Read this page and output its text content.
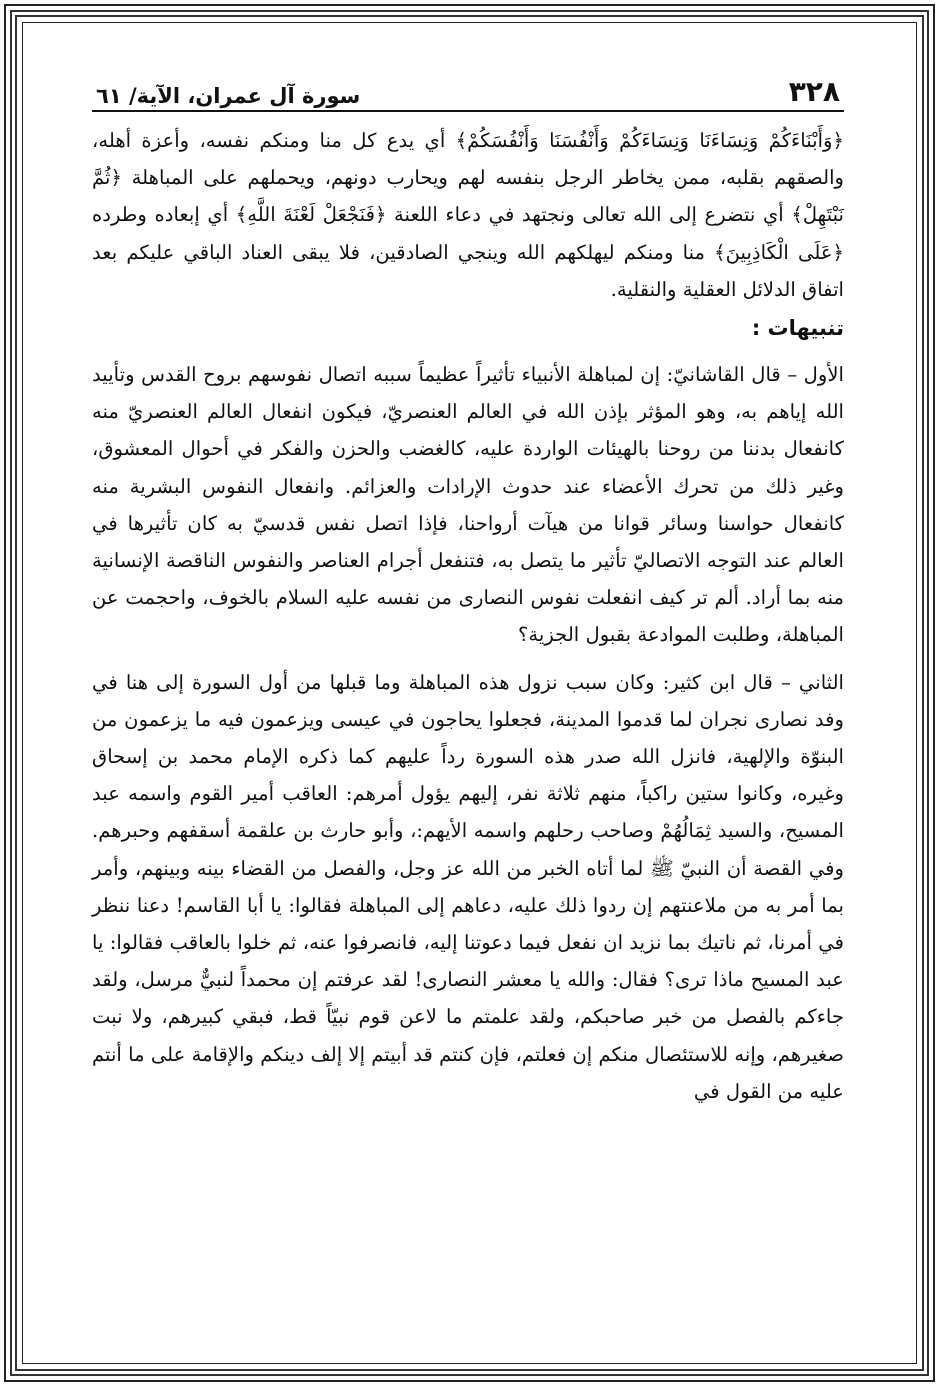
٣٢٨
سورة آل عمران، الآية/ ٦١

﴿وَأَبْنَاءَكُمْ وَنِسَاءَنَا وَنِسَاءَكُمْ وَأَنْفُسَنَا وَأَنْفُسَكُمْ﴾ أي يدع كل منا ومنكم نفسه، وأعزة أهله، والصقهم بقلبه، ممن يخاطر الرجل بنفسه لهم ويحارب دونهم، ويحملهم على المباهلة ﴿ثُمَّ نَبْتَهِلْ﴾ أي نتضرع إلى الله تعالى ونجتهد في دعاء اللعنة ﴿فَنَجْعَلْ لَعْنَةَ اللَّهِ﴾ أي إبعاده وطرده ﴿عَلَى الْكَاذِبِينَ﴾ منا ومنكم ليهلكهم الله وينجي الصادقين، فلا يبقى العناد الباقي عليكم بعد اتفاق الدلائل العقلية والنقلية.

تنبيهات :

الأول – قال القاشانيّ: إن لمباهلة الأنبياء تأثيراً عظيماً سببه اتصال نفوسهم بروح القدس وتأييد الله إياهم به، وهو المؤثر بإذن الله في العالم العنصريّ، فيكون انفعال العالم العنصريّ منه كانفعال بدننا من روحنا بالهيئات الواردة عليه، كالغضب والحزن والفكر في أحوال المعشوق، وغير ذلك من تحرك الأعضاء عند حدوث الإرادات والعزائم. وانفعال النفوس البشرية منه كانفعال حواسنا وسائر قوانا من هيآت أرواحنا، فإذا اتصل نفس قدسيّ به كان تأثيرها في العالم عند التوجه الاتصاليّ تأثير ما يتصل به، فتنفعل أجرام العناصر والنفوس الناقصة الإنسانية منه بما أراد. ألم تر كيف انفعلت نفوس النصارى من نفسه عليه السلام بالخوف، واحجمت عن المباهلة، وطلبت الموادعة بقبول الجزية؟

الثاني – قال ابن كثير: وكان سبب نزول هذه المباهلة وما قبلها من أول السورة إلى هنا في وفد نصارى نجران لما قدموا المدينة، فجعلوا يحاجون في عيسى ويزعمون فيه ما يزعمون من البنوّة والإلهية، فانزل الله صدر هذه السورة رداً عليهم كما ذكره الإمام محمد بن إسحاق وغيره، وكانوا ستين راكباً، منهم ثلاثة نفر، إليهم يؤول أمرهم: العاقب أمير القوم واسمه عبد المسيح، والسيد ثِمَالُهُمْ وصاحب رحلهم واسمه الأيهم:، وأبو حارث بن علقمة أسقفهم وحبرهم. وفي القصة أن النبيّ ﷺ لما أتاه الخبر من الله عز وجل، والفصل من القضاء بينه وبينهم، وأمر بما أمر به من ملاعنتهم إن ردوا ذلك عليه، دعاهم إلى المباهلة فقالوا: يا أبا القاسم! دعنا ننظر في أمرنا، ثم ناتيك بما نزيد ان نفعل فيما دعوتنا إليه، فانصرفوا عنه، ثم خلوا بالعاقب فقالوا: يا عبد المسيح ماذا ترى؟ فقال: والله يا معشر النصارى! لقد عرفتم إن محمداً لنبيٌّ مرسل، ولقد جاءكم بالفصل من خبر صاحبكم، ولقد علمتم ما لاعن قوم نبيّاً قط، فبقي كبيرهم، ولا نبت صغيرهم، وإنه للاستئصال منكم إن فعلتم، فإن كنتم قد أبيتم إلا إلف دينكم والإقامة على ما أنتم عليه من القول في
